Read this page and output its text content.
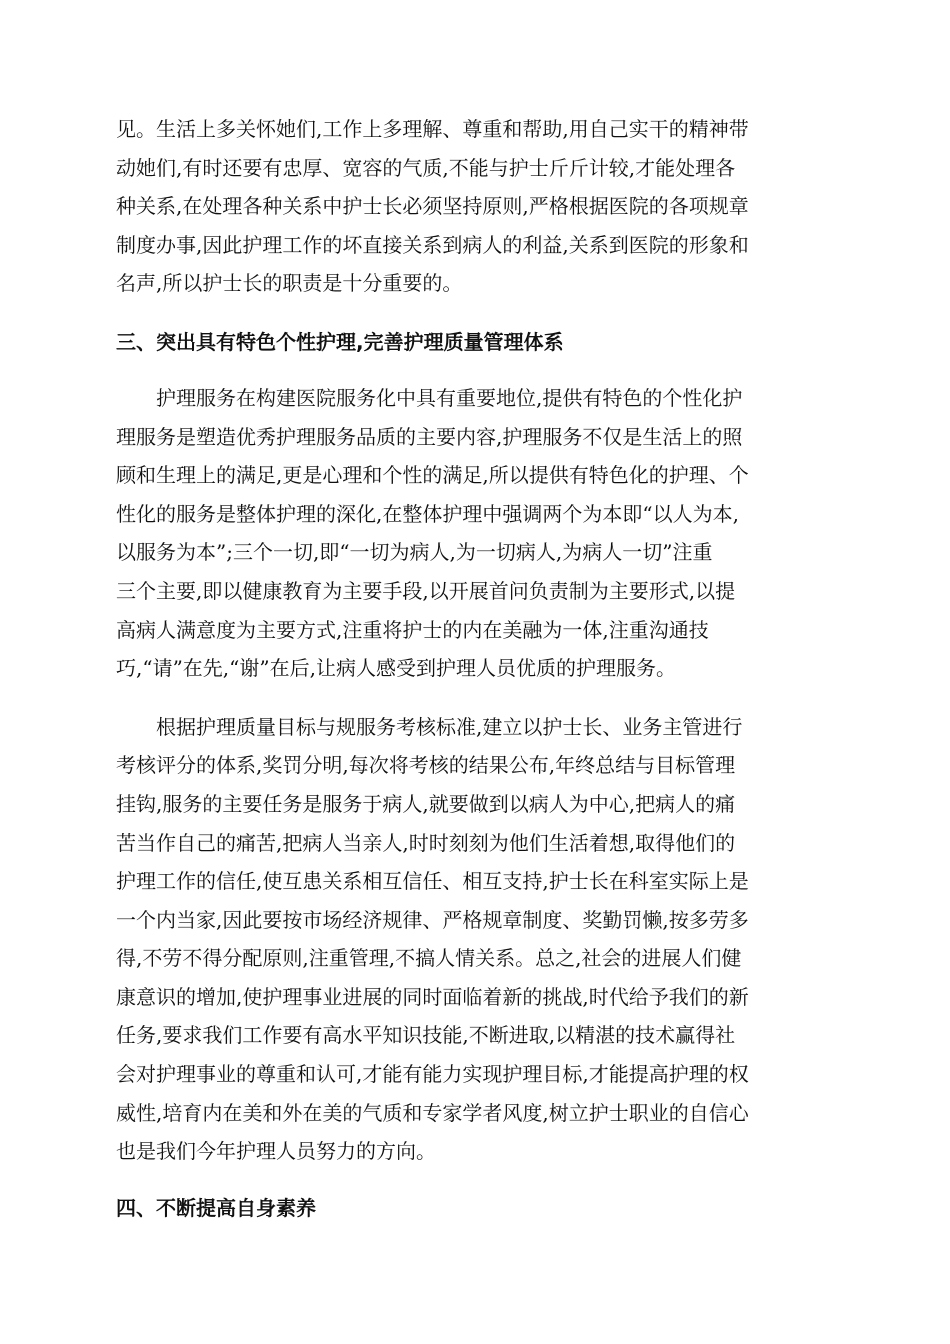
见。生活上多关怀她们,工作上多理解、尊重和帮助,用自己实干的精神带
动她们,有时还要有忠厚、宽容的气质,不能与护士斤斤计较,才能处理各
种关系,在处理各种关系中护士长必须坚持原则,严格根据医院的各项规章
制度办事,因此护理工作的坏直接关系到病人的利益,关系到医院的形象和
名声,所以护士长的职责是十分重要的。

三、突出具有特色个性护理,完善护理质量管理体系

护理服务在构建医院服务化中具有重要地位,提供有特色的个性化护
理服务是塑造优秀护理服务品质的主要内容,护理服务不仅是生活上的照
顾和生理上的满足,更是心理和个性的满足,所以提供有特色化的护理、个
性化的服务是整体护理的深化,在整体护理中强调两个为本即“以人为本,
以服务为本”;三个一切,即“一切为病人,为一切病人,为病人一切”注重
三个主要,即以健康教育为主要手段,以开展首问负责制为主要形式,以提
高病人满意度为主要方式,注重将护士的内在美融为一体,注重沟通技
巧,“请”在先,“谢”在后,让病人感受到护理人员优质的护理服务。

根据护理质量目标与规服务考核标准,建立以护士长、业务主管进行
考核评分的体系,奖罚分明,每次将考核的结果公布,年终总结与目标管理
挂钩,服务的主要任务是服务于病人,就要做到以病人为中心,把病人的痛
苦当作自己的痛苦,把病人当亲人,时时刻刻为他们生活着想,取得他们的
护理工作的信任,使互患关系相互信任、相互支持,护士长在科室实际上是
一个内当家,因此要按市场经济规律、严格规章制度、奖勤罚懒,按多劳多
得,不劳不得分配原则,注重管理,不搞人情关系。总之,社会的进展人们健
康意识的增加,使护理事业进展的同时面临着新的挑战,时代给予我们的新
任务,要求我们工作要有高水平知识技能,不断进取,以精湛的技术赢得社
会对护理事业的尊重和认可,才能有能力实现护理目标,才能提高护理的权
威性,培育内在美和外在美的气质和专家学者风度,树立护士职业的自信心
也是我们今年护理人员努力的方向。

四、不断提高自身素养
